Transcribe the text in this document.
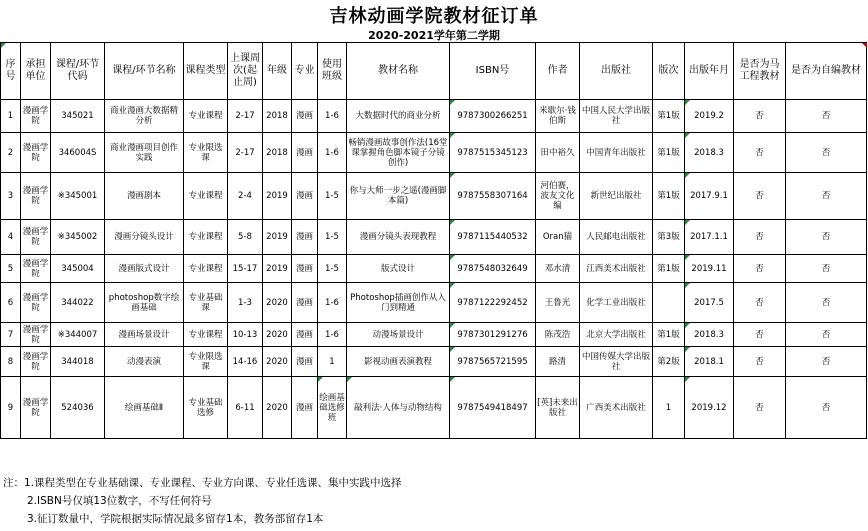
吉林动画学院教材征订单
2020-2021学年第二学期
序号	承担单位	课程/环节代码	课程/环节名称	课程类型	上课周次(起止周)	年级	专业	使用班级	教材名称	ISBN号	作者	出版社	版次	出版年月	是否为马工程教材	是否为自编教材
1	漫画学院	345021	商业漫画大数据精分析	专业课程	2-17	2018	漫画	1-6	大数据时代的商业分析	9787300266251	米歇尔·钱伯斯	中国人民大学出版社	第1版	2019.2	否	否
2	漫画学院	346004S	商业漫画项目创作实践	专业限选课	2-17	2018	漫画	1-6	畅销漫画故事创作法(16堂课掌握角色脚本镜子分镜创作)	9787515345123	田中裕久	中国青年出版社	第1版	2018.3	否	否
3	漫画学院	※345001	漫画剧本	专业课程	2-4	2019	漫画	1-5	你与大师一步之遥(漫画脚本篇)	9787558307164	河伯赛，波友文化 编	新世纪出版社	第1版	2017.9.1	否	否
4	漫画学院	※345002	漫画分镜头设计	专业课程	5-8	2019	漫画	1-5	漫画分镜头表现教程	9787115440532	Oran猫	人民邮电出版社	第3版	2017.1.1	否	否
5	漫画学院	345004	漫画版式设计	专业课程	15-17	2019	漫画	1-5	版式设计	9787548032649	邓水清	江西美术出版社	第1版	2019.11	否	否
6	漫画学院	344022	photoshop数字绘画基础	专业基础课	1-3	2020	漫画	1-6	Photoshop插画创作从入门到精通	9787122292452	王鲁光	化学工业出版社		2017.5	否	否
7	漫画学院	※344007	漫画场景设计	专业课程	10-13	2020	漫画	1-6	动漫场景设计	9787301291276	陈茂浩	北京大学出版社	第1版	2018.3	否	否
8	漫画学院	344018	动漫表演	专业限选课	14-16	2020	漫画	1	影视动画表演教程	9787565721595	路清	中国传媒大学出版社	第2版	2018.1	否	否
9	漫画学院	524036	绘画基础Ⅱ	专业基础选修	6-11	2020	漫画	绘画基础选修班	敲利法·人体与动物结构	9787549418497	[英]未来出版社	广西美术出版社	1	2019.12	否	否
注：1.课程类型在专业基础课、专业课程、专业方向课、专业任选课、集中实践中选择
2.ISBN号仅填13位数字，不写任何符号
3.征订数量中，学院根据实际情况最多留存1本，教务部留存1本
